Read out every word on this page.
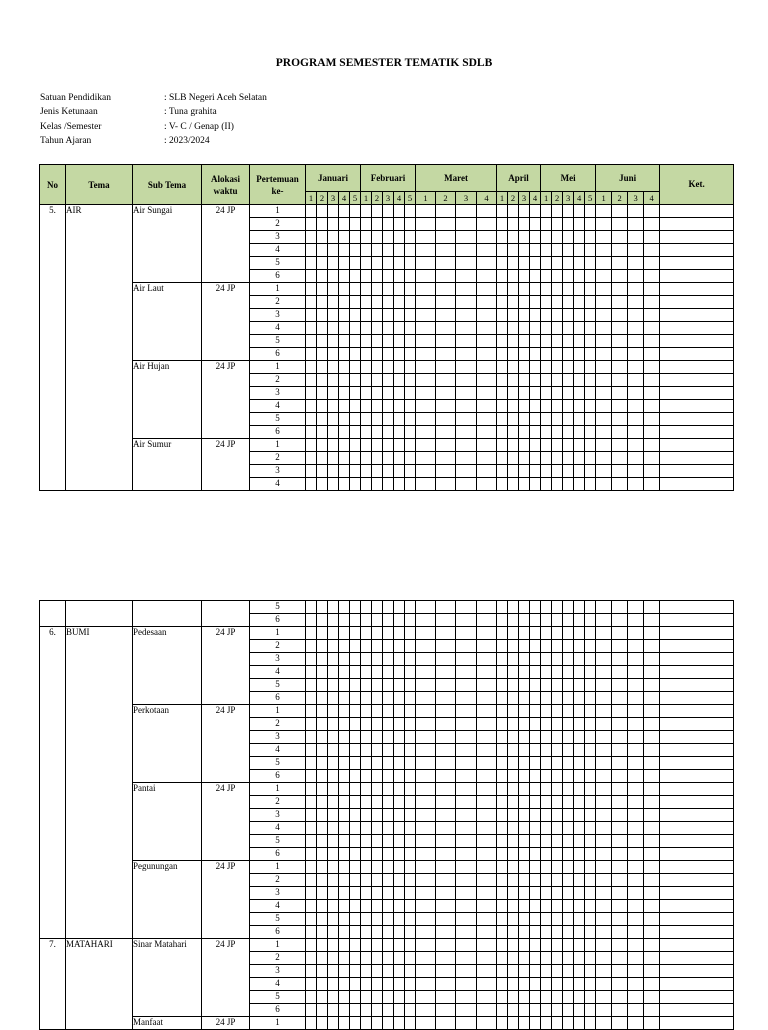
PROGRAM SEMESTER TEMATIK SDLB
Satuan Pendidikan	: SLB Negeri Aceh Selatan
Jenis Ketunaan	: Tuna grahita
Kelas /Semester	: V- C / Genap (II)
Tahun Ajaran	: 2023/2024
No	Tema	Sub Tema	Alokasi waktu	Pertemuan ke-	Januari					Februari					Maret				April				Mei					Juni				Ket.
					1	2	3	4	5	1	2	3	4	5	1	2	3	4	1	2	3	4	1	2	3	4	5	1	2	3	4	
5.	AIR	Air Sungai	24 JP	1																												
				2																												
				3																												
				4																												
				5																												
				6																												
		Air Laut	24 JP	1																												
				2																												
				3																												
				4																												
				5																												
				6																												
		Air Hujan	24 JP	1																												
				2																												
				3																												
				4																												
				5																												
				6																												
		Air Sumur	24 JP	1																												
				2																												
				3																												
				4																												
				5																												
				6																												
6.	BUMI	Pedesaan	24 JP	1																												
				2																												
				3																												
				4																												
				5																												
				6																												
		Perkotaan	24 JP	1																												
				2																												
				3																												
				4																												
				5																												
				6																												
		Pantai	24 JP	1																												
				2																												
				3																												
				4																												
				5																												
				6																												
		Pegunungan	24 JP	1																												
				2																												
				3																												
				4																												
				5																												
				6																												
7.	MATAHARI	Sinar Matahari	24 JP	1																												
				2																												
				3																												
				4																												
				5																												
				6																												
		Manfaat	24 JP	1																												
